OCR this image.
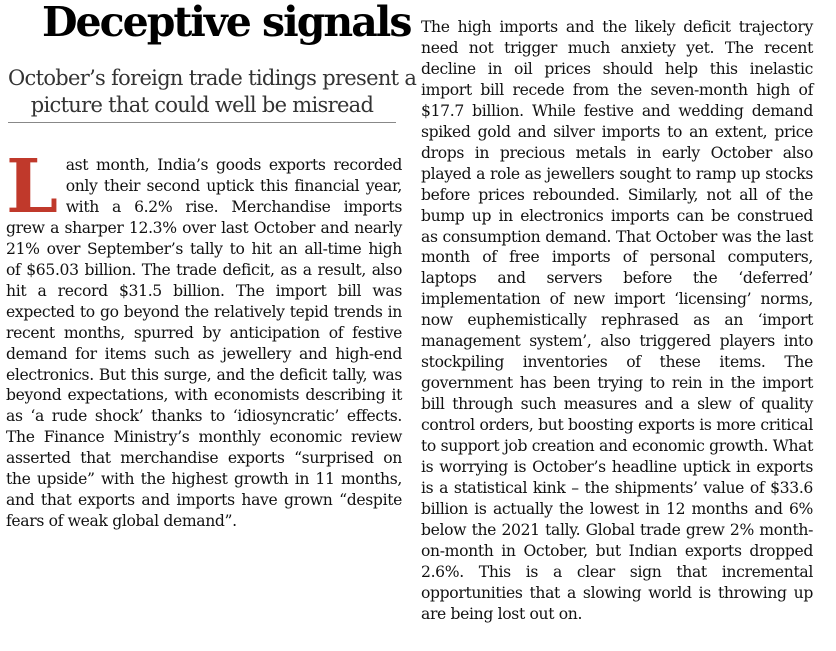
Deceptive signals
October’s foreign trade tidings present a
picture that could well be misread

Last month, India’s goods exports recorded only their second uptick this financial year, with a 6.2% rise. Merchandise imports grew a sharper 12.3% over last October and nearly 21% over September’s tally to hit an all-time high of $65.03 billion. The trade deficit, as a result, also hit a record $31.5 billion. The import bill was expected to go beyond the relatively tepid trends in recent months, spurred by anticipation of festive demand for items such as jewellery and high-end electronics. But this surge, and the deficit tally, was beyond expectations, with economists describing it as ‘a rude shock’ thanks to ‘idiosyncratic’ effects. The Finance Ministry’s monthly economic review asserted that merchandise exports “surprised on the upside” with the highest growth in 11 months, and that exports and imports have grown “despite fears of weak global demand”.

The high imports and the likely deficit trajectory need not trigger much anxiety yet. The recent decline in oil prices should help this inelastic import bill recede from the seven-month high of $17.7 billion. While festive and wedding demand spiked gold and silver imports to an extent, price drops in precious metals in early October also played a role as jewellers sought to ramp up stocks before prices rebounded. Similarly, not all of the bump up in electronics imports can be construed as consumption demand. That October was the last month of free imports of personal computers, laptops and servers before the ‘deferred’ implementation of new import ‘licensing’ norms, now euphemistically rephrased as an ‘import management system’, also triggered players into stockpiling inventories of these items. The government has been trying to rein in the import bill through such measures and a slew of quality control orders, but boosting exports is more critical to support job creation and economic growth. What is worrying is October’s headline uptick in exports is a statistical kink – the shipments’ value of $33.6 billion is actually the lowest in 12 months and 6% below the 2021 tally. Global trade grew 2% month-on-month in October, but Indian exports dropped 2.6%. This is a clear sign that incremental opportunities that a slowing world is throwing up are being lost out on.
